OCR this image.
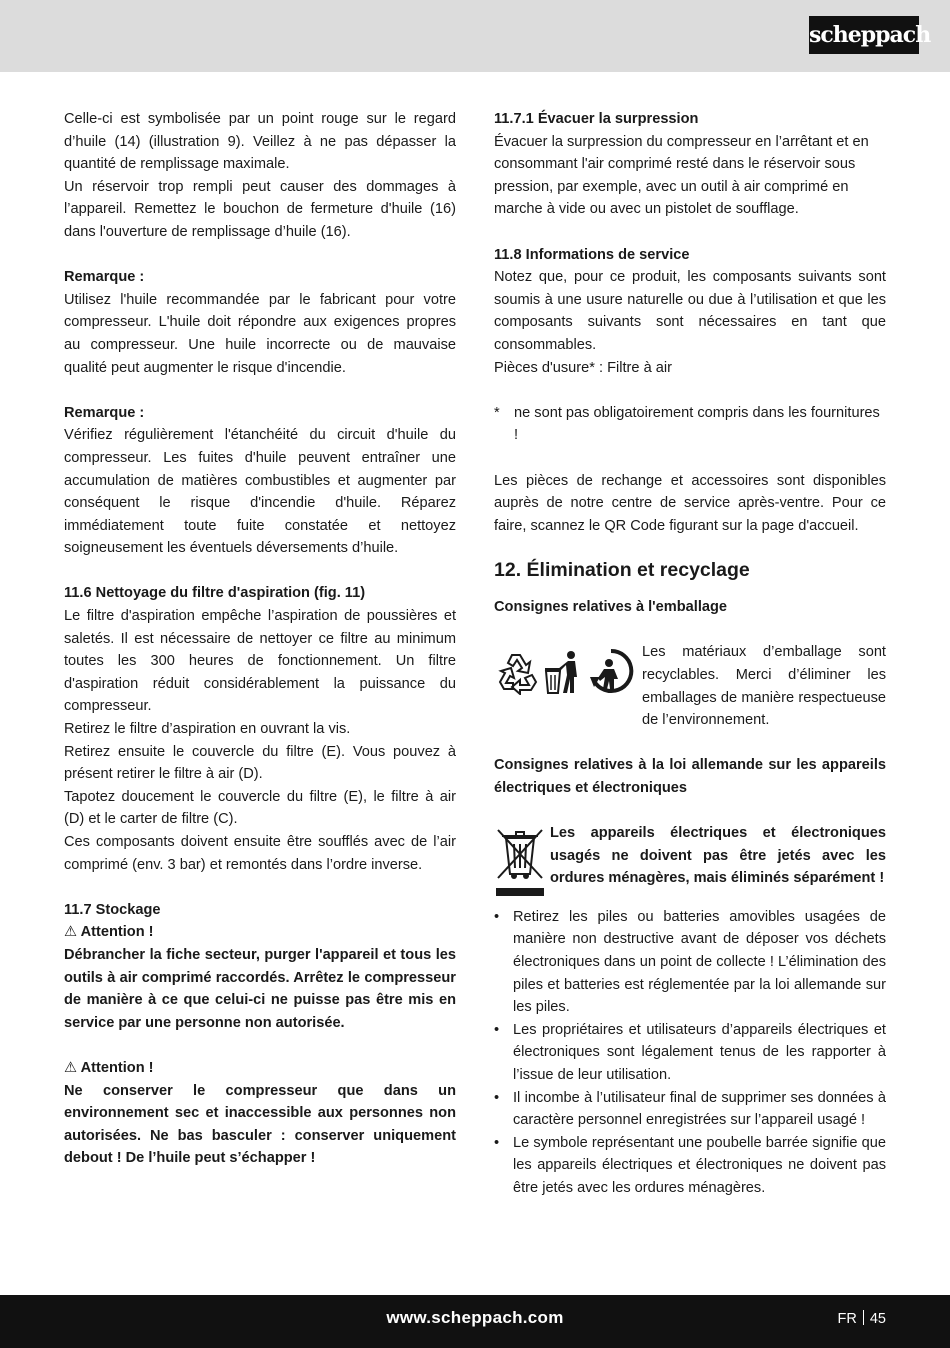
scheppach

Celle-ci est symbolisée par un point rouge sur le regard d’huile (14) (illustration 9). Veillez à ne pas dépasser la quantité de remplissage maximale.

Un réservoir trop rempli peut causer des dommages à l’appareil. Remettez le bouchon de fermeture d'huile (16) dans l'ouverture de remplissage d’huile (16).

Remarque :

Utilisez l'huile recommandée par le fabricant pour votre compresseur. L'huile doit répondre aux exigences propres au compresseur. Une huile incorrecte ou de mauvaise qualité peut augmenter le risque d'incendie.

Remarque :

Vérifiez régulièrement l'étanchéité du circuit d'huile du compresseur. Les fuites d'huile peuvent entraîner une accumulation de matières combustibles et augmenter par conséquent le risque d'incendie d'huile. Réparez immédiatement toute fuite constatée et nettoyez soigneusement les éventuels déversements d’huile.

11.6 Nettoyage du filtre d'aspiration (fig. 11)

Le filtre d'aspiration empêche l’aspiration de poussières et saletés. Il est nécessaire de nettoyer ce filtre au minimum toutes les 300 heures de fonctionnement. Un filtre d'aspiration réduit considérablement la puissance du compresseur.

Retirez le filtre d’aspiration en ouvrant la vis.

Retirez ensuite le couvercle du filtre (E). Vous pouvez à présent retirer le filtre à air (D).

Tapotez doucement le couvercle du filtre (E), le filtre à air (D) et le carter de filtre (C).

Ces composants doivent ensuite être soufflés avec de l’air comprimé (env. 3 bar) et remontés dans l’ordre inverse.

11.7 Stockage

⚠ Attention !

Débrancher la fiche secteur, purger l'appareil et tous les outils à air comprimé raccordés. Arrêtez le compresseur de manière à ce que celui-ci ne puisse pas être mis en service par une personne non autorisée.

⚠ Attention !

Ne conserver le compresseur que dans un environnement sec et inaccessible aux personnes non autorisées. Ne bas basculer : conserver uniquement debout ! De l’huile peut s’échapper !

11.7.1 Évacuer la surpression

Évacuer la surpression du compresseur en l’arrêtant et en consommant l'air comprimé resté dans le réservoir sous pression, par exemple, avec un outil à air comprimé en marche à vide ou avec un pistolet de soufflage.

11.8 Informations de service

Notez que, pour ce produit, les composants suivants sont soumis à une usure naturelle ou due à l’utilisation et que les composants suivants sont nécessaires en tant que consommables.

Pièces d'usure* : Filtre à air

* ne sont pas obligatoirement compris dans les fournitures !

Les pièces de rechange et accessoires sont disponibles auprès de notre centre de service après-ventre. Pour ce faire, scannez le QR Code figurant sur la page d'accueil.

12. Élimination et recyclage

Consignes relatives à l'emballage

Les matériaux d’emballage sont recyclables. Merci d’éliminer les emballages de manière respectueuse de l’environnement.

Consignes relatives à la loi allemande sur les appareils électriques et électroniques

Les appareils électriques et électroniques usagés ne doivent pas être jetés avec les ordures ménagères, mais éliminés séparément !

• Retirez les piles ou batteries amovibles usagées de manière non destructive avant de déposer vos déchets électroniques dans un point de collecte ! L’élimination des piles et batteries est réglementée par la loi allemande sur les piles.
• Les propriétaires et utilisateurs d’appareils électriques et électroniques sont légalement tenus de les rapporter à l’issue de leur utilisation.
• Il incombe à l’utilisateur final de supprimer ses données à caractère personnel enregistrées sur l’appareil usagé !
• Le symbole représentant une poubelle barrée signifie que les appareils électriques et électroniques ne doivent pas être jetés avec les ordures ménagères.
www.scheppach.com	FR 45
